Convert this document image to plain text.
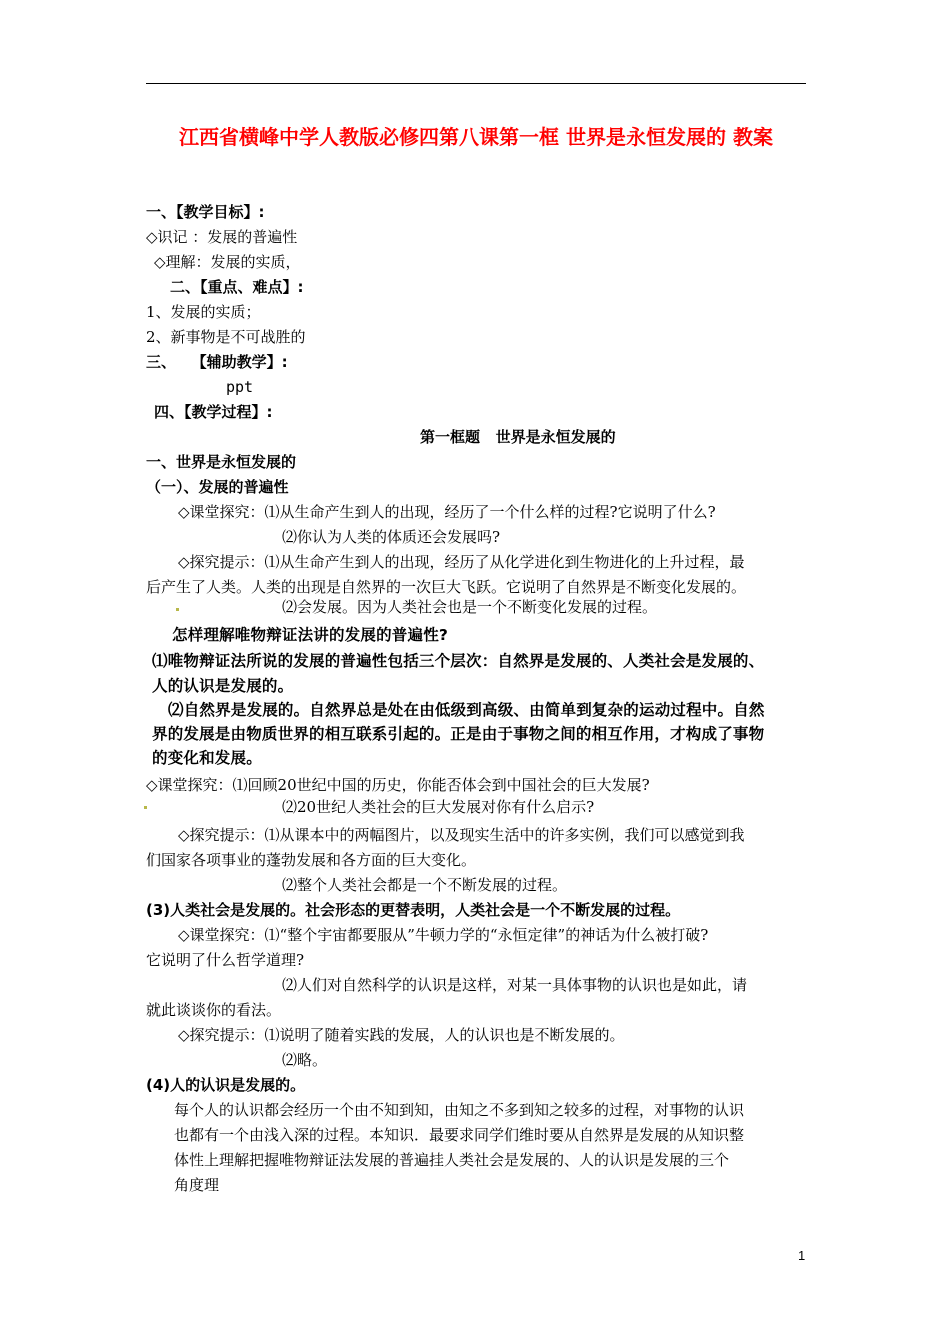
江西省横峰中学人教版必修四第八课第一框 世界是永恒发展的 教案
一、【教学目标】:
◇识记 ：发展的普遍性
◇理解：发展的实质，
二、【重点、难点】:
1、发展的实质；
2、新事物是不可战胜的
三、   【辅助教学】:
ppt
四、【教学过程】:
第一框题   世界是永恒发展的
一、世界是永恒发展的
（一）、发展的普遍性
◇课堂探究：⑴从生命产生到人的出现，经历了一个什么样的过程?它说明了什么?
⑵你认为人类的体质还会发展吗?
◇探究提示：⑴从生命产生到人的出现，经历了从化学进化到生物进化的上升过程，最
后产生了人类。人类的出现是自然界的一次巨大飞跃。它说明了自然界是不断变化发展的。
⑵会发展。因为人类社会也是一个不断变化发展的过程。
怎样理解唯物辩证法讲的发展的普遍性?
⑴唯物辩证法所说的发展的普遍性包括三个层次：自然界是发展的、人类社会是发展的、
人的认识是发展的。
⑵自然界是发展的。自然界总是处在由低级到高级、由简单到复杂的运动过程中。自然
界的发展是由物质世界的相互联系引起的。正是由于事物之间的相互作用，才构成了事物
的变化和发展。
◇课堂探究：⑴回顾20世纪中国的历史，你能否体会到中国社会的巨大发展?
⑵20世纪人类社会的巨大发展对你有什么启示?
◇探究提示：⑴从课本中的两幅图片，以及现实生活中的许多实例，我们可以感觉到我
们国家各项事业的蓬勃发展和各方面的巨大变化。
⑵整个人类社会都是一个不断发展的过程。
(3)人类社会是发展的。社会形态的更替表明，人类社会是一个不断发展的过程。
◇课堂探究：⑴“整个宇宙都要服从”牛顿力学的“永恒定律”的神话为什么被打破?
它说明了什么哲学道理?
⑵人们对自然科学的认识是这样，对某一具体事物的认识也是如此，请
就此谈谈你的看法。
◇探究提示：⑴说明了随着实践的发展，人的认识也是不断发展的。
⑵略。
(4)人的认识是发展的。
每个人的认识都会经历一个由不知到知，由知之不多到知之较多的过程，对事物的认识
也都有一个由浅入深的过程。本知识．最要求同学们维时要从自然界是发展的从知识整
体性上理解把握唯物辩证法发展的普遍挂人类社会是发展的、人的认识是发展的三个
角度理
1
